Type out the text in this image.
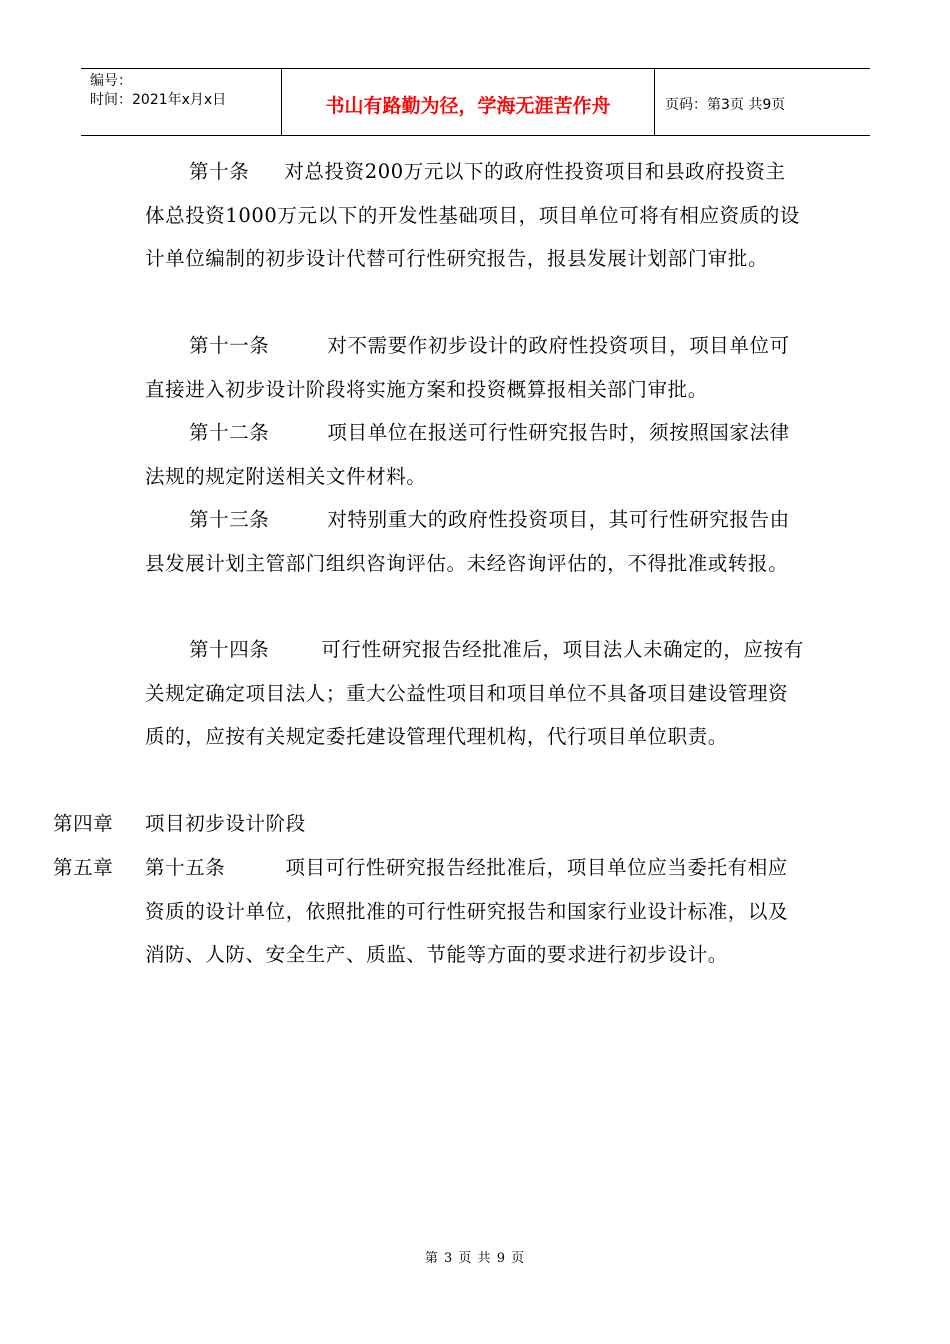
编号：
时间：2021年x月x日	书山有路勤为径，学海无涯苦作舟	页码：第3页 共9页
第十条 对总投资200万元以下的政府性投资项目和县政府投资主体总投资1000万元以下的开发性基础项目，项目单位可将有相应资质的设计单位编制的初步设计代替可行性研究报告，报县发展计划部门审批。
第十一条	对不需要作初步设计的政府性投资项目，项目单位可直接进入初步设计阶段将实施方案和投资概算报相关部门审批。
第十二条	项目单位在报送可行性研究报告时，须按照国家法律法规的规定附送相关文件材料。
第十三条	对特别重大的政府性投资项目，其可行性研究报告由县发展计划主管部门组织咨询评估。未经咨询评估的，不得批准或转报。
第十四条	可行性研究报告经批准后，项目法人未确定的，应按有关规定确定项目法人；重大公益性项目和项目单位不具备项目建设管理资质的，应按有关规定委托建设管理代理机构，代行项目单位职责。
第四章 项目初步设计阶段
第五章 第十五条	项目可行性研究报告经批准后，项目单位应当委托有相应资质的设计单位，依照批准的可行性研究报告和国家行业设计标准，以及消防、人防、安全生产、质监、节能等方面的要求进行初步设计。
第 3 页 共 9 页
